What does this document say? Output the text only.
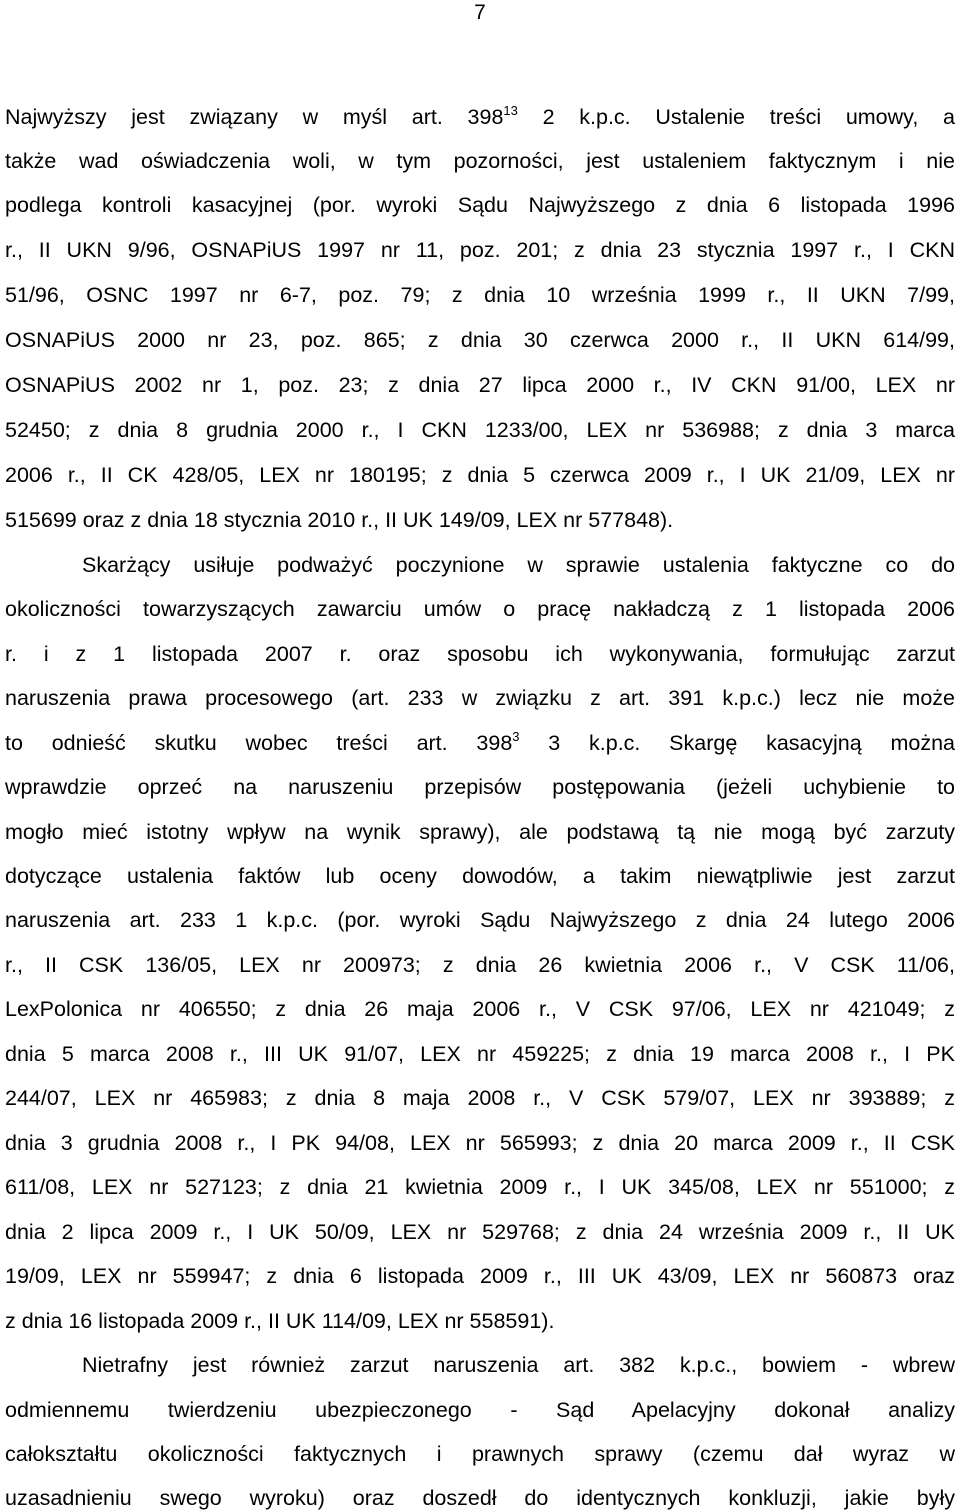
7
Najwyższy jest związany w myśl art. $398^{13}$ 2 k.p.c. Ustalenie treści umowy, a
także wad oświadczenia woli, w tym pozorności, jest ustaleniem faktycznym i nie
podlega kontroli kasacyjnej (por. wyroki Sądu Najwyższego z dnia 6 listopada 1996
r., II UKN 9/96, OSNAPiUS 1997 nr 11, poz. 201; z dnia 23 stycznia 1997 r., I CKN
51/96, OSNC 1997 nr 6-7, poz. 79; z dnia 10 września 1999 r., II UKN 7/99,
OSNAPiUS 2000 nr 23, poz. 865; z dnia 30 czerwca 2000 r., II UKN 614/99,
OSNAPiUS 2002 nr 1, poz. 23; z dnia 27 lipca 2000 r., IV CKN 91/00, LEX nr
52450; z dnia 8 grudnia 2000 r., I CKN 1233/00, LEX nr 536988; z dnia 3 marca
2006 r., II CK 428/05, LEX nr 180195; z dnia 5 czerwca 2009 r., I UK 21/09, LEX nr
515699 oraz z dnia 18 stycznia 2010 r., II UK 149/09, LEX nr 577848).
Skarżący usiłuje podważyć poczynione w sprawie ustalenia faktyczne co do
okoliczności towarzyszących zawarciu umów o pracę nakładczą z 1 listopada 2006
r. i z 1 listopada 2007 r. oraz sposobu ich wykonywania, formułując zarzut
naruszenia prawa procesowego (art. 233 w związku z art. 391 k.p.c.) lecz nie może
to odnieść skutku wobec treści art. $398^3$ 3 k.p.c. Skargę kasacyjną można
wprawdzie oprzeć na naruszeniu przepisów postępowania (jeżeli uchybienie to
mogło mieć istotny wpływ na wynik sprawy), ale podstawą tą nie mogą być zarzuty
dotyczące ustalenia faktów lub oceny dowodów, a takim niewątpliwie jest zarzut
naruszenia art. 233 1 k.p.c. (por. wyroki Sądu Najwyższego z dnia 24 lutego 2006
r., II CSK 136/05, LEX nr 200973; z dnia 26 kwietnia 2006 r., V CSK 11/06,
LexPolonica nr 406550; z dnia 26 maja 2006 r., V CSK 97/06, LEX nr 421049; z
dnia 5 marca 2008 r., III UK 91/07, LEX nr 459225; z dnia 19 marca 2008 r., I PK
244/07, LEX nr 465983; z dnia 8 maja 2008 r., V CSK 579/07, LEX nr 393889; z
dnia 3 grudnia 2008 r., I PK 94/08, LEX nr 565993; z dnia 20 marca 2009 r., II CSK
611/08, LEX nr 527123; z dnia 21 kwietnia 2009 r., I UK 345/08, LEX nr 551000; z
dnia 2 lipca 2009 r., I UK 50/09, LEX nr 529768; z dnia 24 września 2009 r., II UK
19/09, LEX nr 559947; z dnia 6 listopada 2009 r., III UK 43/09, LEX nr 560873 oraz
z dnia 16 listopada 2009 r., II UK 114/09, LEX nr 558591).
Nietrafny jest również zarzut naruszenia art. 382 k.p.c., bowiem - wbrew
odmiennemu twierdzeniu ubezpieczonego - Sąd Apelacyjny dokonał analizy
całokształtu okoliczności faktycznych i prawnych sprawy (czemu dał wyraz w
uzasadnieniu swego wyroku) oraz doszedł do identycznych konkluzji, jakie były
